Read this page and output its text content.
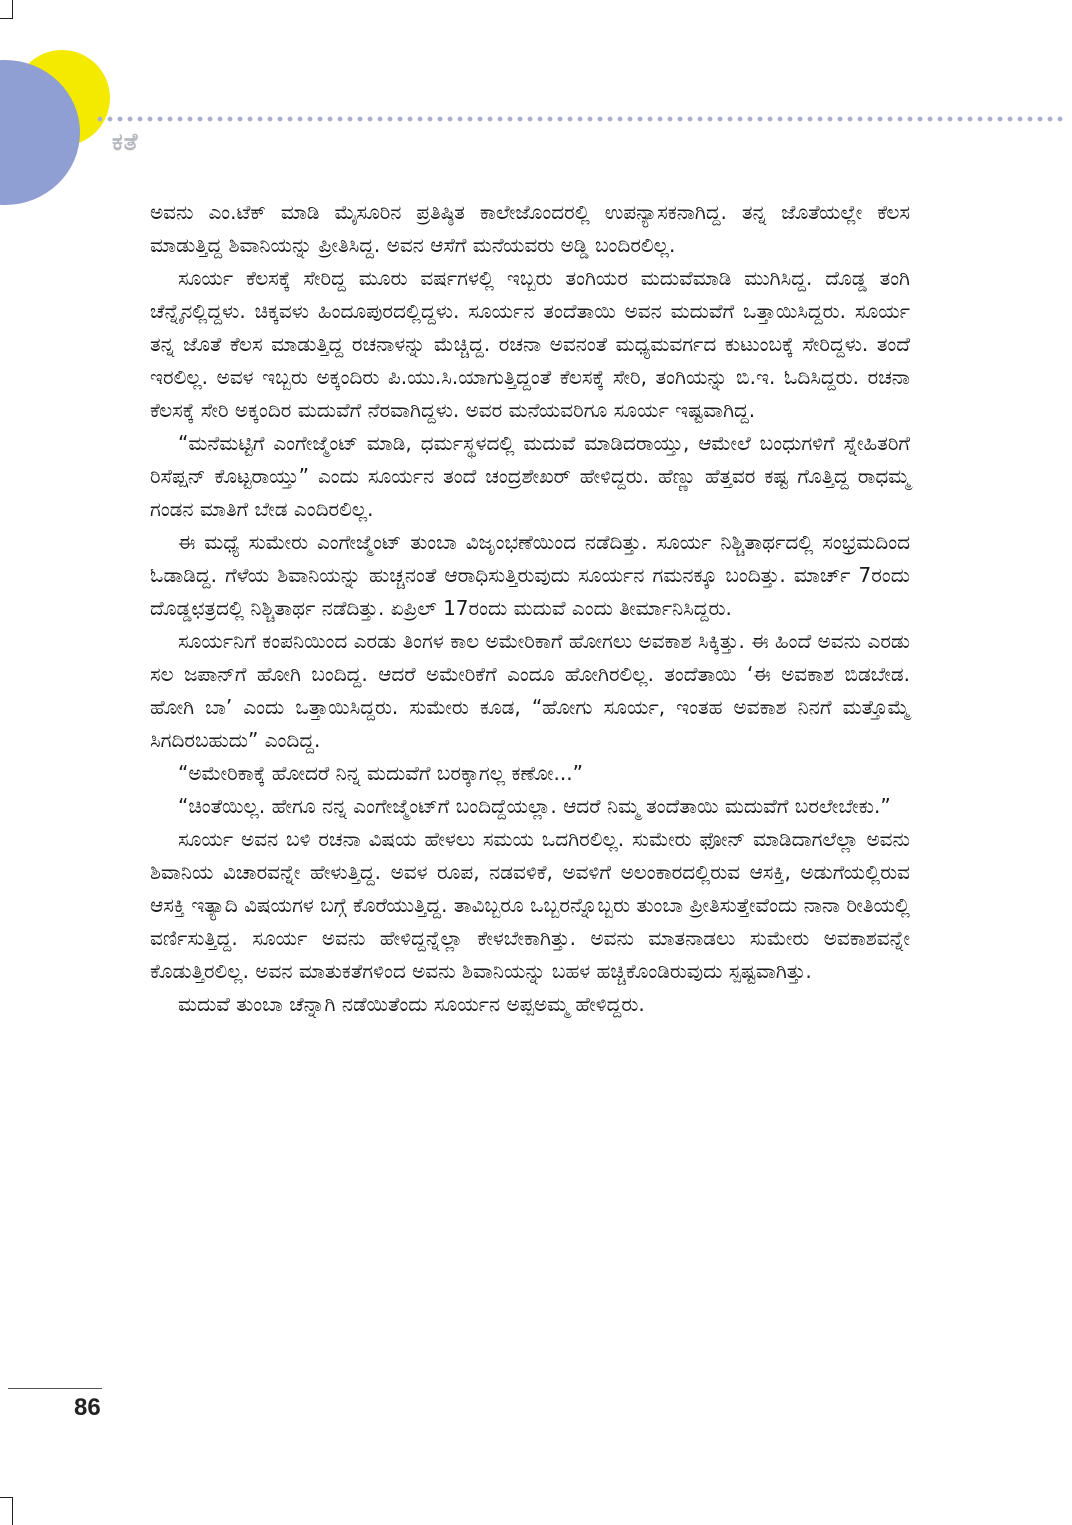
ಕತೆ

ಅವನು ಎಂ.ಟೆಕ್ ಮಾಡಿ ಮೈಸೂರಿನ ಪ್ರತಿಷ್ಠಿತ ಕಾಲೇಜೊಂದರಲ್ಲಿ ಉಪನ್ಯಾಸಕನಾಗಿದ್ದ. ತನ್ನ ಜೊತೆಯಲ್ಲೇ ಕೆಲಸ ಮಾಡುತ್ತಿದ್ದ ಶಿವಾನಿಯನ್ನು ಪ್ರೀತಿಸಿದ್ದ. ಅವನ ಆಸೆಗೆ ಮನೆಯವರು ಅಡ್ಡಿ ಬಂದಿರಲಿಲ್ಲ.

ಸೂರ್ಯ ಕೆಲಸಕ್ಕೆ ಸೇರಿದ್ದ ಮೂರು ವರ್ಷಗಳಲ್ಲಿ ಇಬ್ಬರು ತಂಗಿಯರ ಮದುವೆಮಾಡಿ ಮುಗಿಸಿದ್ದ. ದೊಡ್ಡ ತಂಗಿ ಚೆನ್ನೈನಲ್ಲಿದ್ದಳು. ಚಿಕ್ಕವಳು ಹಿಂದೂಪುರದಲ್ಲಿದ್ದಳು. ಸೂರ್ಯನ ತಂದೆತಾಯಿ ಅವನ ಮದುವೆಗೆ ಒತ್ತಾಯಿಸಿದ್ದರು. ಸೂರ್ಯ ತನ್ನ ಜೊತೆ ಕೆಲಸ ಮಾಡುತ್ತಿದ್ದ ರಚನಾಳನ್ನು ಮೆಚ್ಚಿದ್ದ. ರಚನಾ ಅವನಂತೆ ಮಧ್ಯಮವರ್ಗದ ಕುಟುಂಬಕ್ಕೆ ಸೇರಿದ್ದಳು. ತಂದೆ ಇರಲಿಲ್ಲ. ಅವಳ ಇಬ್ಬರು ಅಕ್ಕಂದಿರು ಪಿ.ಯು.ಸಿ.ಯಾಗುತ್ತಿದ್ದಂತೆ ಕೆಲಸಕ್ಕೆ ಸೇರಿ, ತಂಗಿಯನ್ನು ಬಿ.ಇ. ಓದಿಸಿದ್ದರು. ರಚನಾ ಕೆಲಸಕ್ಕೆ ಸೇರಿ ಅಕ್ಕಂದಿರ ಮದುವೆಗೆ ನೆರವಾಗಿದ್ದಳು. ಅವರ ಮನೆಯವರಿಗೂ ಸೂರ್ಯ ಇಷ್ಟವಾಗಿದ್ದ.

“ಮನೆಮಟ್ಟಿಗೆ ಎಂಗೇಜ್ಮೆಂಟ್ ಮಾಡಿ, ಧರ್ಮಸ್ಥಳದಲ್ಲಿ ಮದುವೆ ಮಾಡಿದರಾಯ್ತು, ಆಮೇಲೆ ಬಂಧುಗಳಿಗೆ ಸ್ನೇಹಿತರಿಗೆ ರಿಸೆಪ್ಷನ್ ಕೊಟ್ಟರಾಯ್ತು” ಎಂದು ಸೂರ್ಯನ ತಂದೆ ಚಂದ್ರಶೇಖರ್ ಹೇಳಿದ್ದರು. ಹೆಣ್ಣು ಹೆತ್ತವರ ಕಷ್ಟ ಗೊತ್ತಿದ್ದ ರಾಧಮ್ಮ ಗಂಡನ ಮಾತಿಗೆ ಬೇಡ ಎಂದಿರಲಿಲ್ಲ.

ಈ ಮಧ್ಯೆ ಸುಮೇರು ಎಂಗೇಜ್ಮೆಂಟ್ ತುಂಬಾ ವಿಜೃಂಭಣೆಯಿಂದ ನಡೆದಿತ್ತು. ಸೂರ್ಯ ನಿಶ್ಚಿತಾರ್ಥದಲ್ಲಿ ಸಂಭ್ರಮದಿಂದ ಓಡಾಡಿದ್ದ. ಗೆಳೆಯ ಶಿವಾನಿಯನ್ನು ಹುಚ್ಚನಂತೆ ಆರಾಧಿಸುತ್ತಿರುವುದು ಸೂರ್ಯನ ಗಮನಕ್ಕೂ ಬಂದಿತ್ತು. ಮಾರ್ಚ್ 7ರಂದು ದೊಡ್ಡಛತ್ರದಲ್ಲಿ ನಿಶ್ಚಿತಾರ್ಥ ನಡೆದಿತ್ತು. ಏಪ್ರಿಲ್ 17ರಂದು ಮದುವೆ ಎಂದು ತೀರ್ಮಾನಿಸಿದ್ದರು.

ಸೂರ್ಯನಿಗೆ ಕಂಪನಿಯಿಂದ ಎರಡು ತಿಂಗಳ ಕಾಲ ಅಮೇರಿಕಾಗೆ ಹೋಗಲು ಅವಕಾಶ ಸಿಕ್ಕಿತ್ತು. ಈ ಹಿಂದೆ ಅವನು ಎರಡು ಸಲ ಜಪಾನ್‌ಗೆ ಹೋಗಿ ಬಂದಿದ್ದ. ಆದರೆ ಅಮೇರಿಕೆಗೆ ಎಂದೂ ಹೋಗಿರಲಿಲ್ಲ. ತಂದೆತಾಯಿ ‘ಈ ಅವಕಾಶ ಬಿಡಬೇಡ. ಹೋಗಿ ಬಾ’ ಎಂದು ಒತ್ತಾಯಿಸಿದ್ದರು. ಸುಮೇರು ಕೂಡ, “ಹೋಗು ಸೂರ್ಯ, ಇಂತಹ ಅವಕಾಶ ನಿನಗೆ ಮತ್ತೊಮ್ಮೆ ಸಿಗದಿರಬಹುದು” ಎಂದಿದ್ದ.

“ಅಮೇರಿಕಾಕ್ಕೆ ಹೋದರೆ ನಿನ್ನ ಮದುವೆಗೆ ಬರಕ್ಕಾಗಲ್ಲ ಕಣೋ...”

“ಚಿಂತೆಯಿಲ್ಲ. ಹೇಗೂ ನನ್ನ ಎಂಗೇಜ್ಮೆಂಟ್‌ಗೆ ಬಂದಿದ್ದೆಯಲ್ಲಾ. ಆದರೆ ನಿಮ್ಮ ತಂದೆತಾಯಿ ಮದುವೆಗೆ ಬರಲೇಬೇಕು.”

ಸೂರ್ಯ ಅವನ ಬಳಿ ರಚನಾ ವಿಷಯ ಹೇಳಲು ಸಮಯ ಒದಗಿರಲಿಲ್ಲ. ಸುಮೇರು ಫೋನ್ ಮಾಡಿದಾಗಲೆಲ್ಲಾ ಅವನು ಶಿವಾನಿಯ ವಿಚಾರವನ್ನೇ ಹೇಳುತ್ತಿದ್ದ. ಅವಳ ರೂಪ, ನಡವಳಿಕೆ, ಅವಳಿಗೆ ಅಲಂಕಾರದಲ್ಲಿರುವ ಆಸಕ್ತಿ, ಅಡುಗೆಯಲ್ಲಿರುವ ಆಸಕ್ತಿ ಇತ್ಯಾದಿ ವಿಷಯಗಳ ಬಗ್ಗೆ ಕೊರೆಯುತ್ತಿದ್ದ. ತಾವಿಬ್ಬರೂ ಒಬ್ಬರನ್ನೊಬ್ಬರು ತುಂಬಾ ಪ್ರೀತಿಸುತ್ತೇವೆಂದು ನಾನಾ ರೀತಿಯಲ್ಲಿ ವರ್ಣಿಸುತ್ತಿದ್ದ. ಸೂರ್ಯ ಅವನು ಹೇಳಿದ್ದನ್ನೆಲ್ಲಾ ಕೇಳಬೇಕಾಗಿತ್ತು. ಅವನು ಮಾತನಾಡಲು ಸುಮೇರು ಅವಕಾಶವನ್ನೇ ಕೊಡುತ್ತಿರಲಿಲ್ಲ. ಅವನ ಮಾತುಕತೆಗಳಿಂದ ಅವನು ಶಿವಾನಿಯನ್ನು ಬಹಳ ಹಚ್ಚಿಕೊಂಡಿರುವುದು ಸ್ಪಷ್ಟವಾಗಿತ್ತು.

ಮದುವೆ ತುಂಬಾ ಚೆನ್ನಾಗಿ ನಡೆಯಿತೆಂದು ಸೂರ್ಯನ ಅಪ್ಪಅಮ್ಮ ಹೇಳಿದ್ದರು.

86
